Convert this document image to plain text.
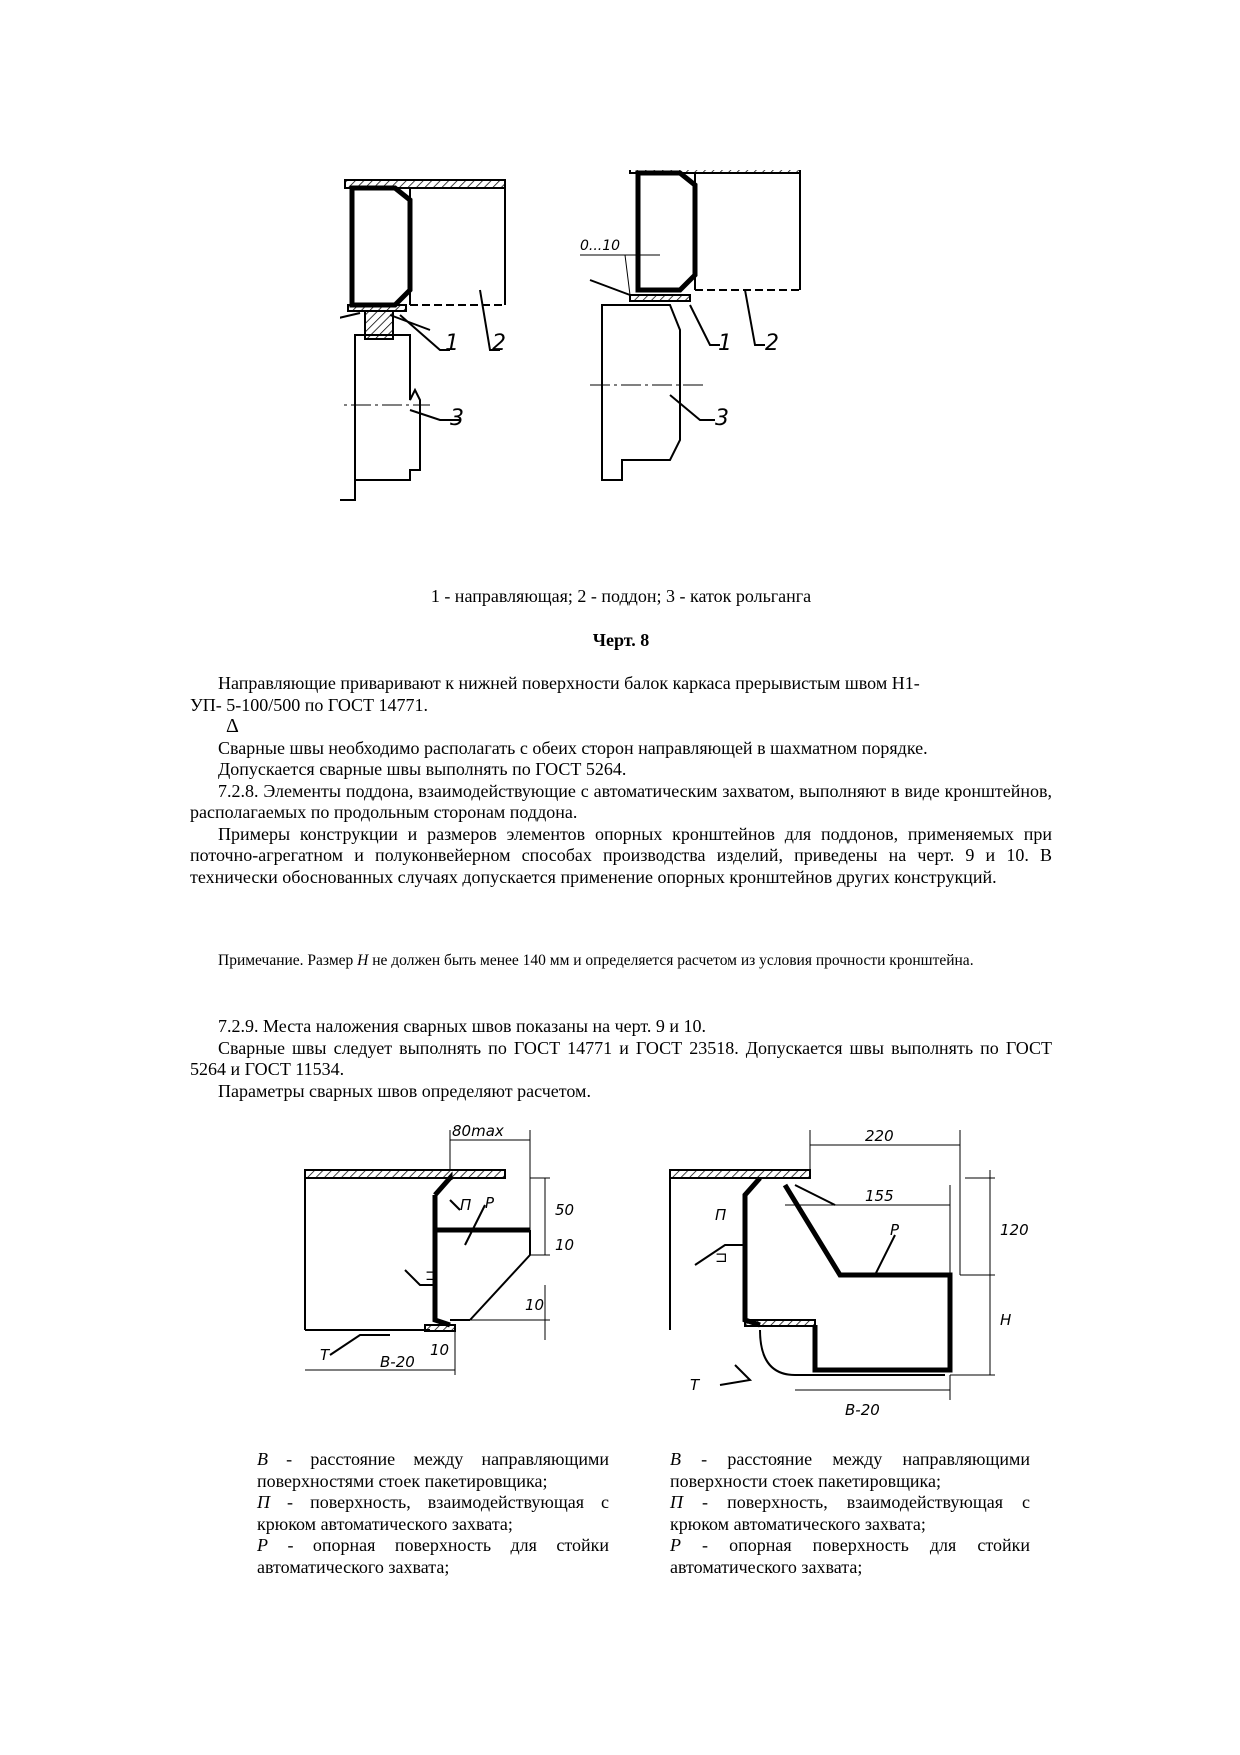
1 2
3
0...10
1 2
3
1 - направляющая; 2 - поддон; 3 - каток рольганга
Черт. 8

Направляющие приваривают к нижней поверхности балок каркаса прерывистым швом Н1-

УП- 5-100/500 по ГОСТ 14771.

Δ

Сварные швы необходимо располагать с обеих сторон направляющей в шахматном порядке.

Допускается сварные швы выполнять по ГОСТ 5264.

7.2.8. Элементы поддона, взаимодействующие с автоматическим захватом, выполняют в виде кронштейнов, располагаемых по продольным сторонам поддона.

Примеры конструкции и размеров элементов опорных кронштейнов для поддонов, применяемых при поточно-агрегатном и полуконвейерном способах производства изделий, приведены на черт. 9 и 10. В технически обоснованных случаях допускается применение опорных кронштейнов других конструкций.

Примечание. Размер Н не должен быть менее 140 мм и определяется расчетом из условия прочности кронштейна.

7.2.9. Места наложения сварных швов показаны на черт. 9 и 10.

Сварные швы следует выполнять по ГОСТ 14771 и ГОСТ 23518. Допускается швы выполнять по ГОСТ 5264 и ГОСТ 11534.

Параметры сварных швов определяют расчетом.

80max
П Р	50
10
10
10
Т	В-20
⊐
220
155
Р
П
120
Н
Т
В-20
⊐

В - расстояние между направляющими поверхностями стоек пакетировщика;

П - поверхность, взаимодействующая с крюком автоматического захвата;

Р - опорная поверхность для стойки автоматического захвата;

В - расстояние между направляющими поверхности стоек пакетировщика;

П - поверхность, взаимодействующая с крюком автоматического захвата;

Р - опорная поверхность для стойки автоматического захвата;
